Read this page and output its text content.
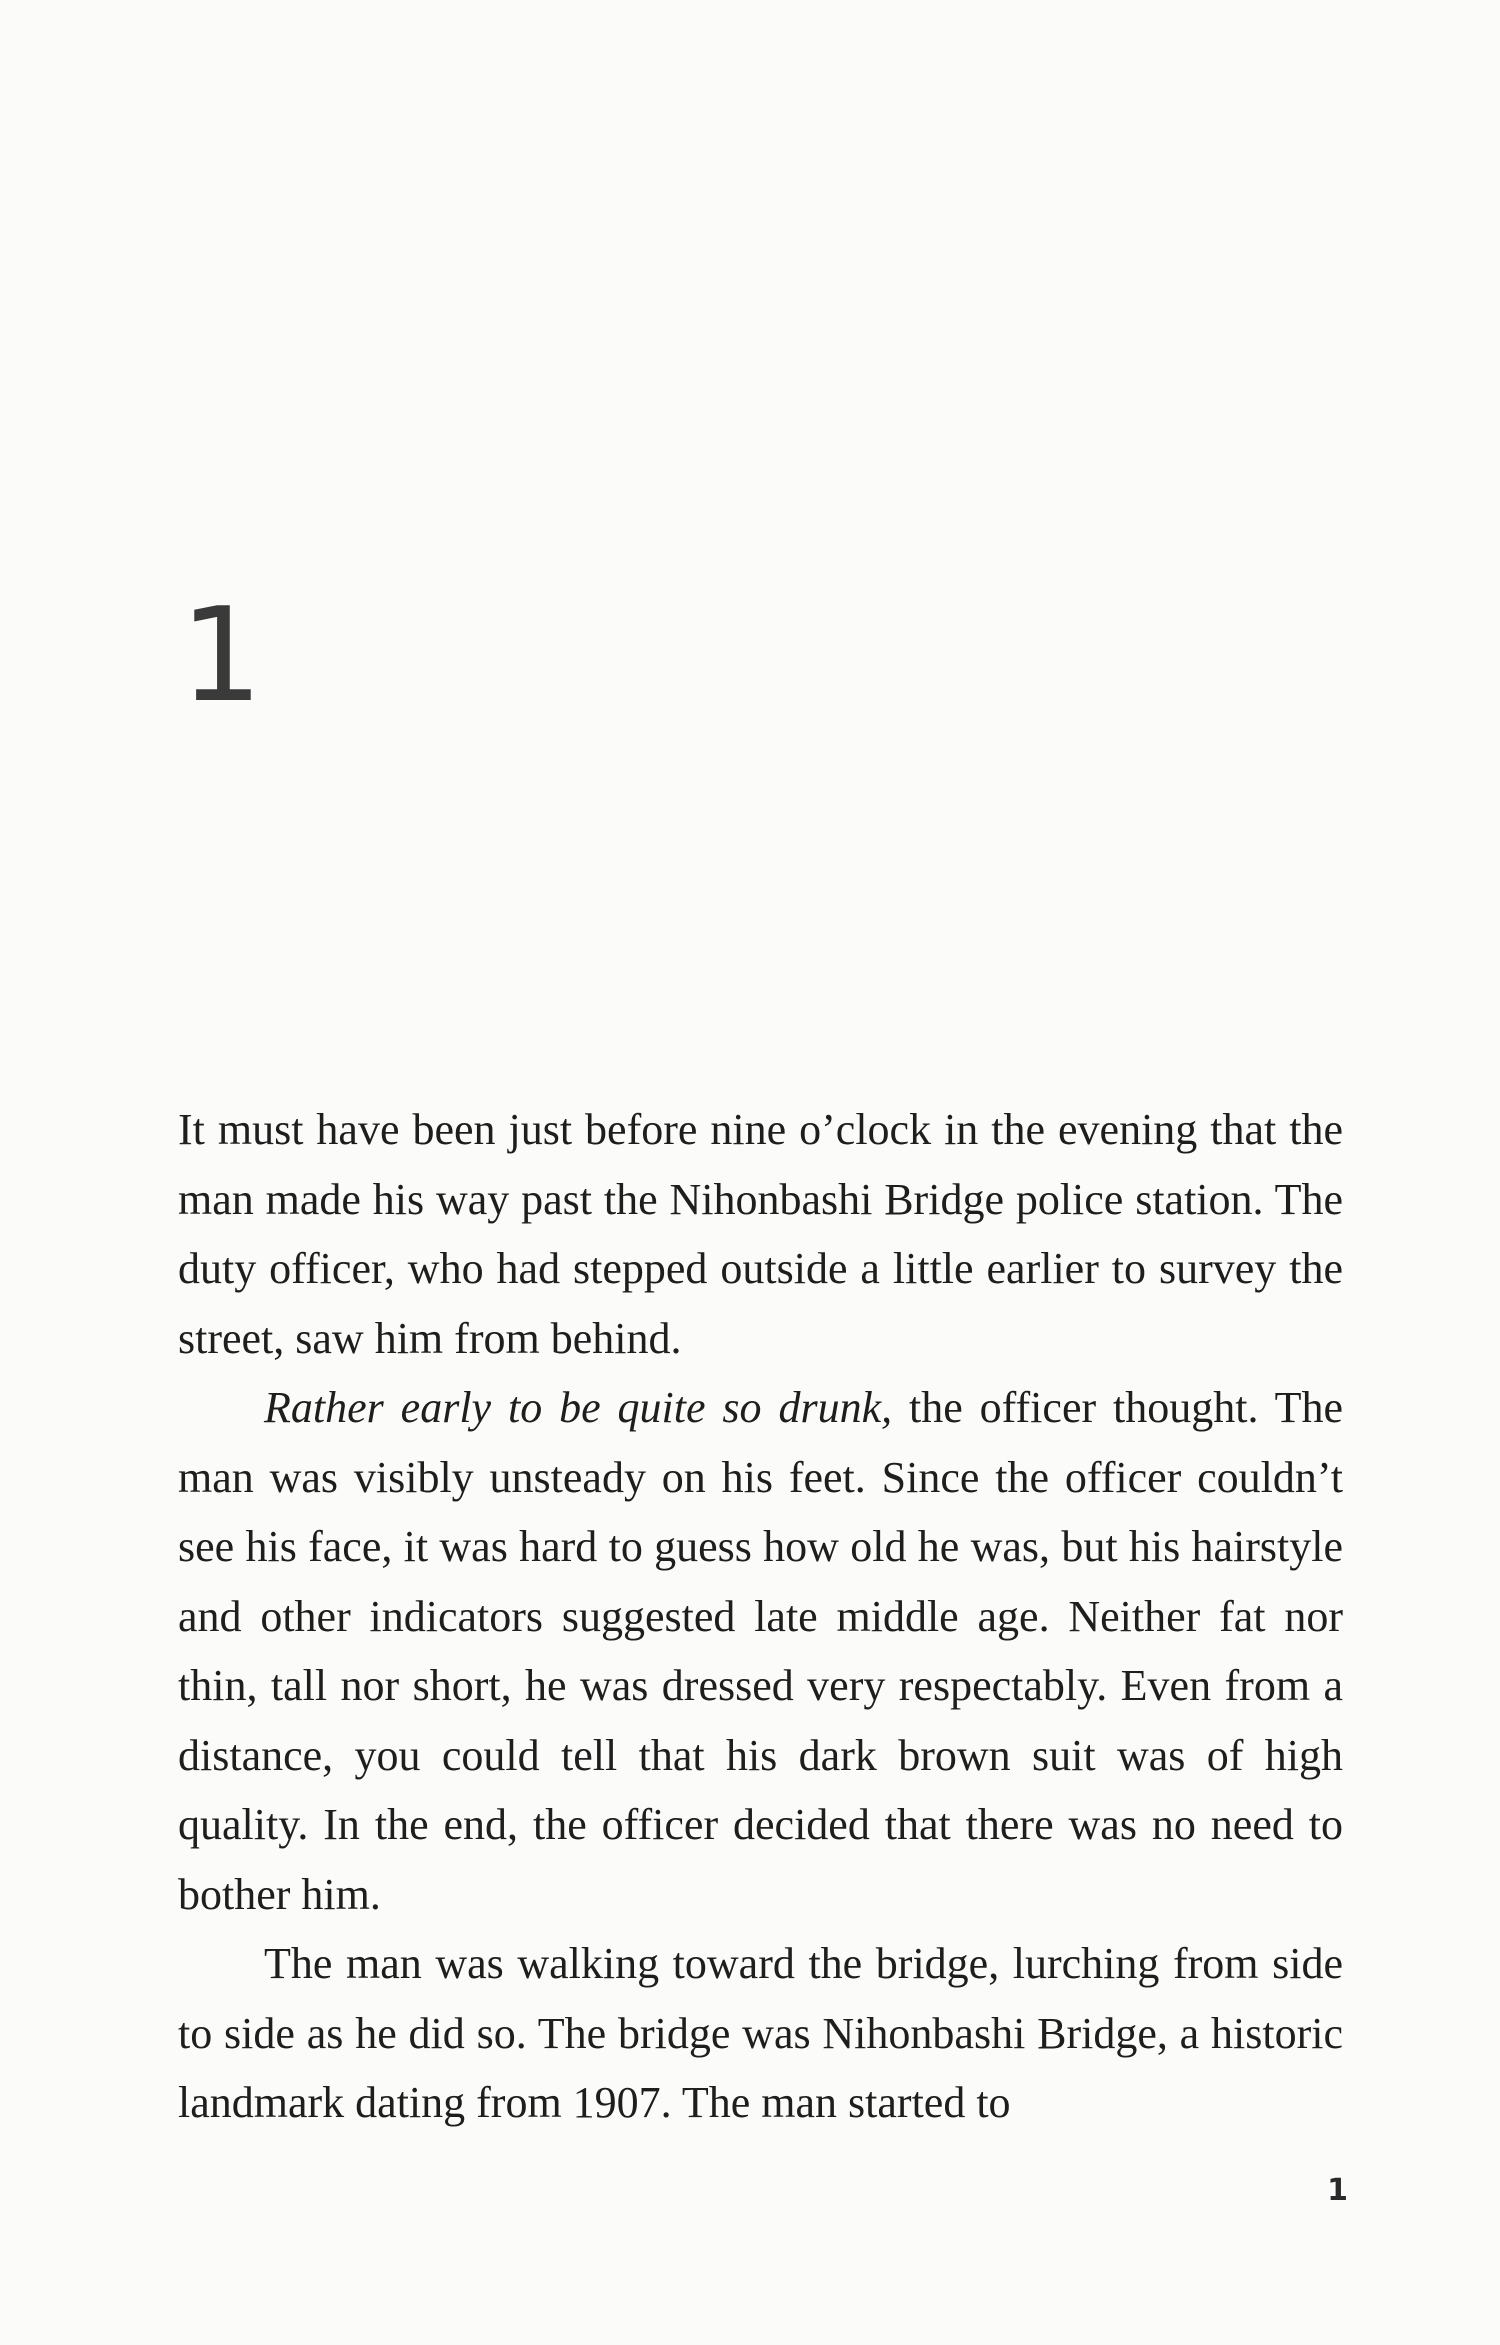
1

It must have been just before nine o’clock in the evening that the man made his way past the Nihonbashi Bridge police station. The duty officer, who had stepped outside a little earlier to survey the street, saw him from behind.

Rather early to be quite so drunk, the officer thought. The man was visibly unsteady on his feet. Since the officer couldn’t see his face, it was hard to guess how old he was, but his hairstyle and other indicators suggested late middle age. Neither fat nor thin, tall nor short, he was dressed very respectably. Even from a distance, you could tell that his dark brown suit was of high quality. In the end, the officer decided that there was no need to bother him.

The man was walking toward the bridge, lurching from side to side as he did so. The bridge was Nihonbashi Bridge, a historic landmark dating from 1907. The man started to

1
